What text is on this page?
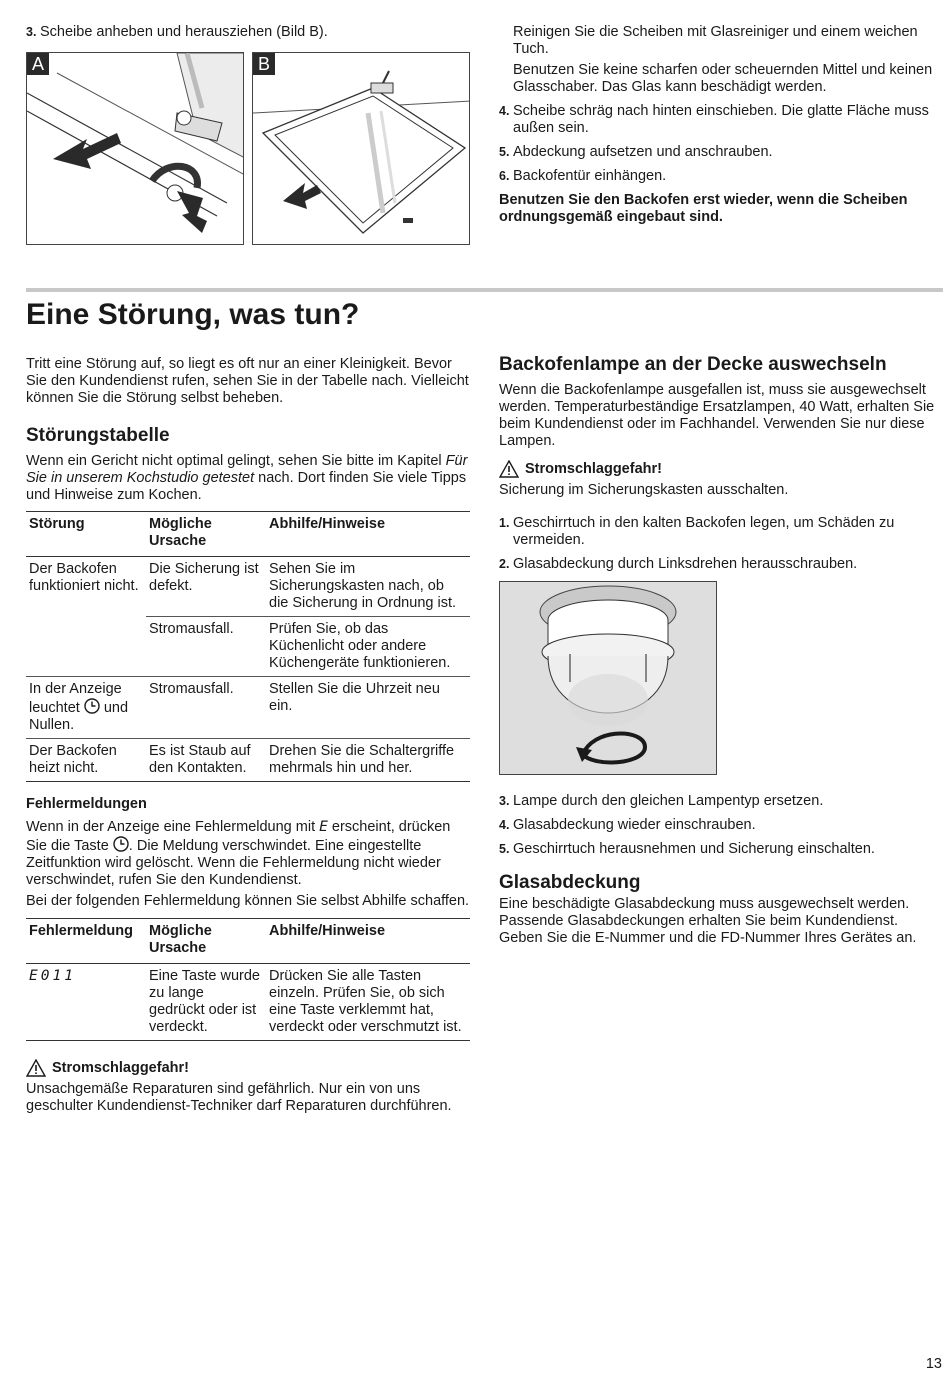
3. Scheibe anheben und herausziehen (Bild B).
A	B

Reinigen Sie die Scheiben mit Glasreiniger und einem weichen Tuch.

Benutzen Sie keine scharfen oder scheuernden Mittel und keinen Glasschaber. Das Glas kann beschädigt werden.

4. Scheibe schräg nach hinten einschieben. Die glatte Fläche muss außen sein.
5. Abdeckung aufsetzen und anschrauben.
6. Backofentür einhängen.

Benutzen Sie den Backofen erst wieder, wenn die Scheiben ordnungsgemäß eingebaut sind.

Eine Störung, was tun?

Tritt eine Störung auf, so liegt es oft nur an einer Kleinigkeit. Bevor Sie den Kundendienst rufen, sehen Sie in der Tabelle nach. Vielleicht können Sie die Störung selbst beheben.

Störungstabelle

Wenn ein Gericht nicht optimal gelingt, sehen Sie bitte im Kapitel Für Sie in unserem Kochstudio getestet nach. Dort finden Sie viele Tipps und Hinweise zum Kochen.

Störung	Mögliche Ursache	Abhilfe/Hinweise
Der Backofen funktioniert nicht.	Die Sicherung ist defekt.	Sehen Sie im Sicherungskasten nach, ob die Sicherung in Ordnung ist.
	Stromausfall.	Prüfen Sie, ob das Küchenlicht oder andere Küchengeräte funktionieren.
In der Anzeige leuchtet  und Nullen.	Stromausfall.	Stellen Sie die Uhrzeit neu ein.
Der Backofen heizt nicht.	Es ist Staub auf den Kontakten.	Drehen Sie die Schaltergriffe mehrmals hin und her.
Fehlermeldungen

Wenn in der Anzeige eine Fehlermeldung mit E erscheint, drücken Sie die Taste . Die Meldung verschwindet. Eine eingestellte Zeitfunktion wird gelöscht. Wenn die Fehlermeldung nicht wieder verschwindet, rufen Sie den Kundendienst.

Bei der folgenden Fehlermeldung können Sie selbst Abhilfe schaffen.

Fehlermeldung	Mögliche Ursache	Abhilfe/Hinweise
E011	Eine Taste wurde zu lange gedrückt oder ist verdeckt.	Drücken Sie alle Tasten einzeln. Prüfen Sie, ob sich eine Taste verklemmt hat, verdeckt oder verschmutzt ist.
Stromschlaggefahr!

Unsachgemäße Reparaturen sind gefährlich. Nur ein von uns geschulter Kundendienst-Techniker darf Reparaturen durchführen.

Backofenlampe an der Decke auswechseln

Wenn die Backofenlampe ausgefallen ist, muss sie ausgewechselt werden. Temperaturbeständige Ersatzlampen, 40 Watt, erhalten Sie beim Kundendienst oder im Fachhandel. Verwenden Sie nur diese Lampen.

Stromschlaggefahr!

Sicherung im Sicherungskasten ausschalten.

1. Geschirrtuch in den kalten Backofen legen, um Schäden zu vermeiden.
2. Glasabdeckung durch Linksdrehen herausschrauben.
3. Lampe durch den gleichen Lampentyp ersetzen.
4. Glasabdeckung wieder einschrauben.
5. Geschirrtuch herausnehmen und Sicherung einschalten.
Glasabdeckung

Eine beschädigte Glasabdeckung muss ausgewechselt werden. Passende Glasabdeckungen erhalten Sie beim Kundendienst. Geben Sie die E-Nummer und die FD-Nummer Ihres Gerätes an.

13
